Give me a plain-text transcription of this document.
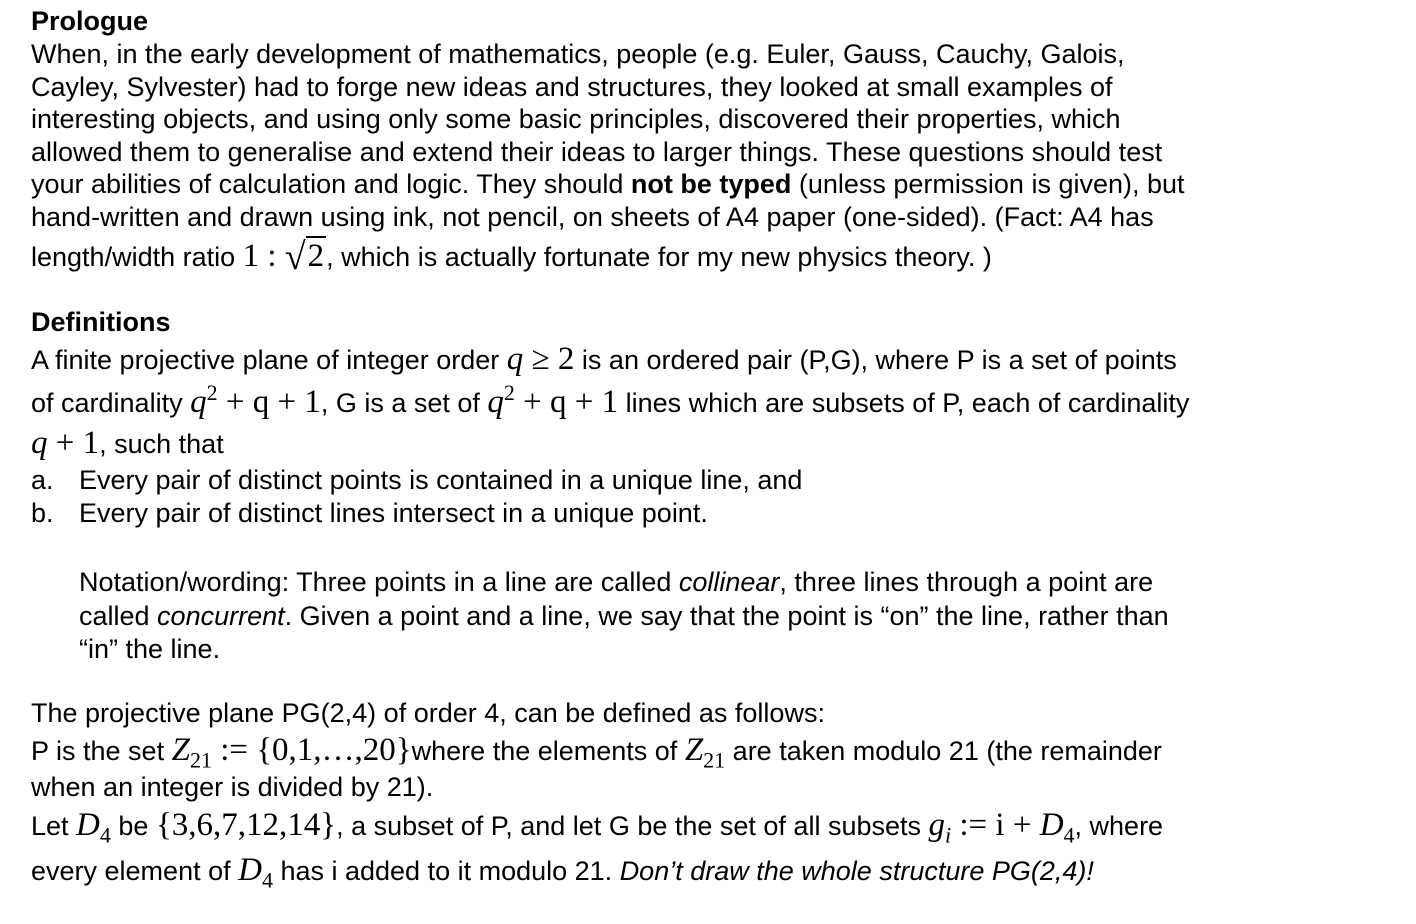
Prologue
When, in the early development of mathematics, people (e.g. Euler, Gauss, Cauchy, Galois,
Cayley, Sylvester) had to forge new ideas and structures, they looked at small examples of
interesting objects, and using only some basic principles, discovered their properties, which
allowed them to generalise and extend their ideas to larger things. These questions should test
your abilities of calculation and logic. They should not be typed (unless permission is given), but
hand-written and drawn using ink, not pencil, on sheets of A4 paper (one-sided). (Fact: A4 has
length/width ratio 1 : √2, which is actually fortunate for my new physics theory. )
Definitions
A finite projective plane of integer order q ≥ 2 is an ordered pair (P,G), where P is a set of points
of cardinality $q^2 + q + 1$, G is a set of $q^2 + q + 1$ lines which are subsets of P, each of cardinality
q + 1, such that
a. Every pair of distinct points is contained in a unique line, and
b. Every pair of distinct lines intersect in a unique point.
Notation/wording: Three points in a line are called collinear, three lines through a point are
called concurrent. Given a point and a line, we say that the point is “on” the line, rather than
“in” the line.
The projective plane PG(2,4) of order 4, can be defined as follows:
P is the set $Z_{21}$ := {0,1,…,20}where the elements of $Z_{21}$ are taken modulo 21 (the remainder
when an integer is divided by 21).
Let $D_4$ be {3,6,7,12,14}, a subset of P, and let G be the set of all subsets $g_i$ := $i + D_4$, where
every element of $D_4$ has i added to it modulo 21. Don’t draw the whole structure PG(2,4)!
